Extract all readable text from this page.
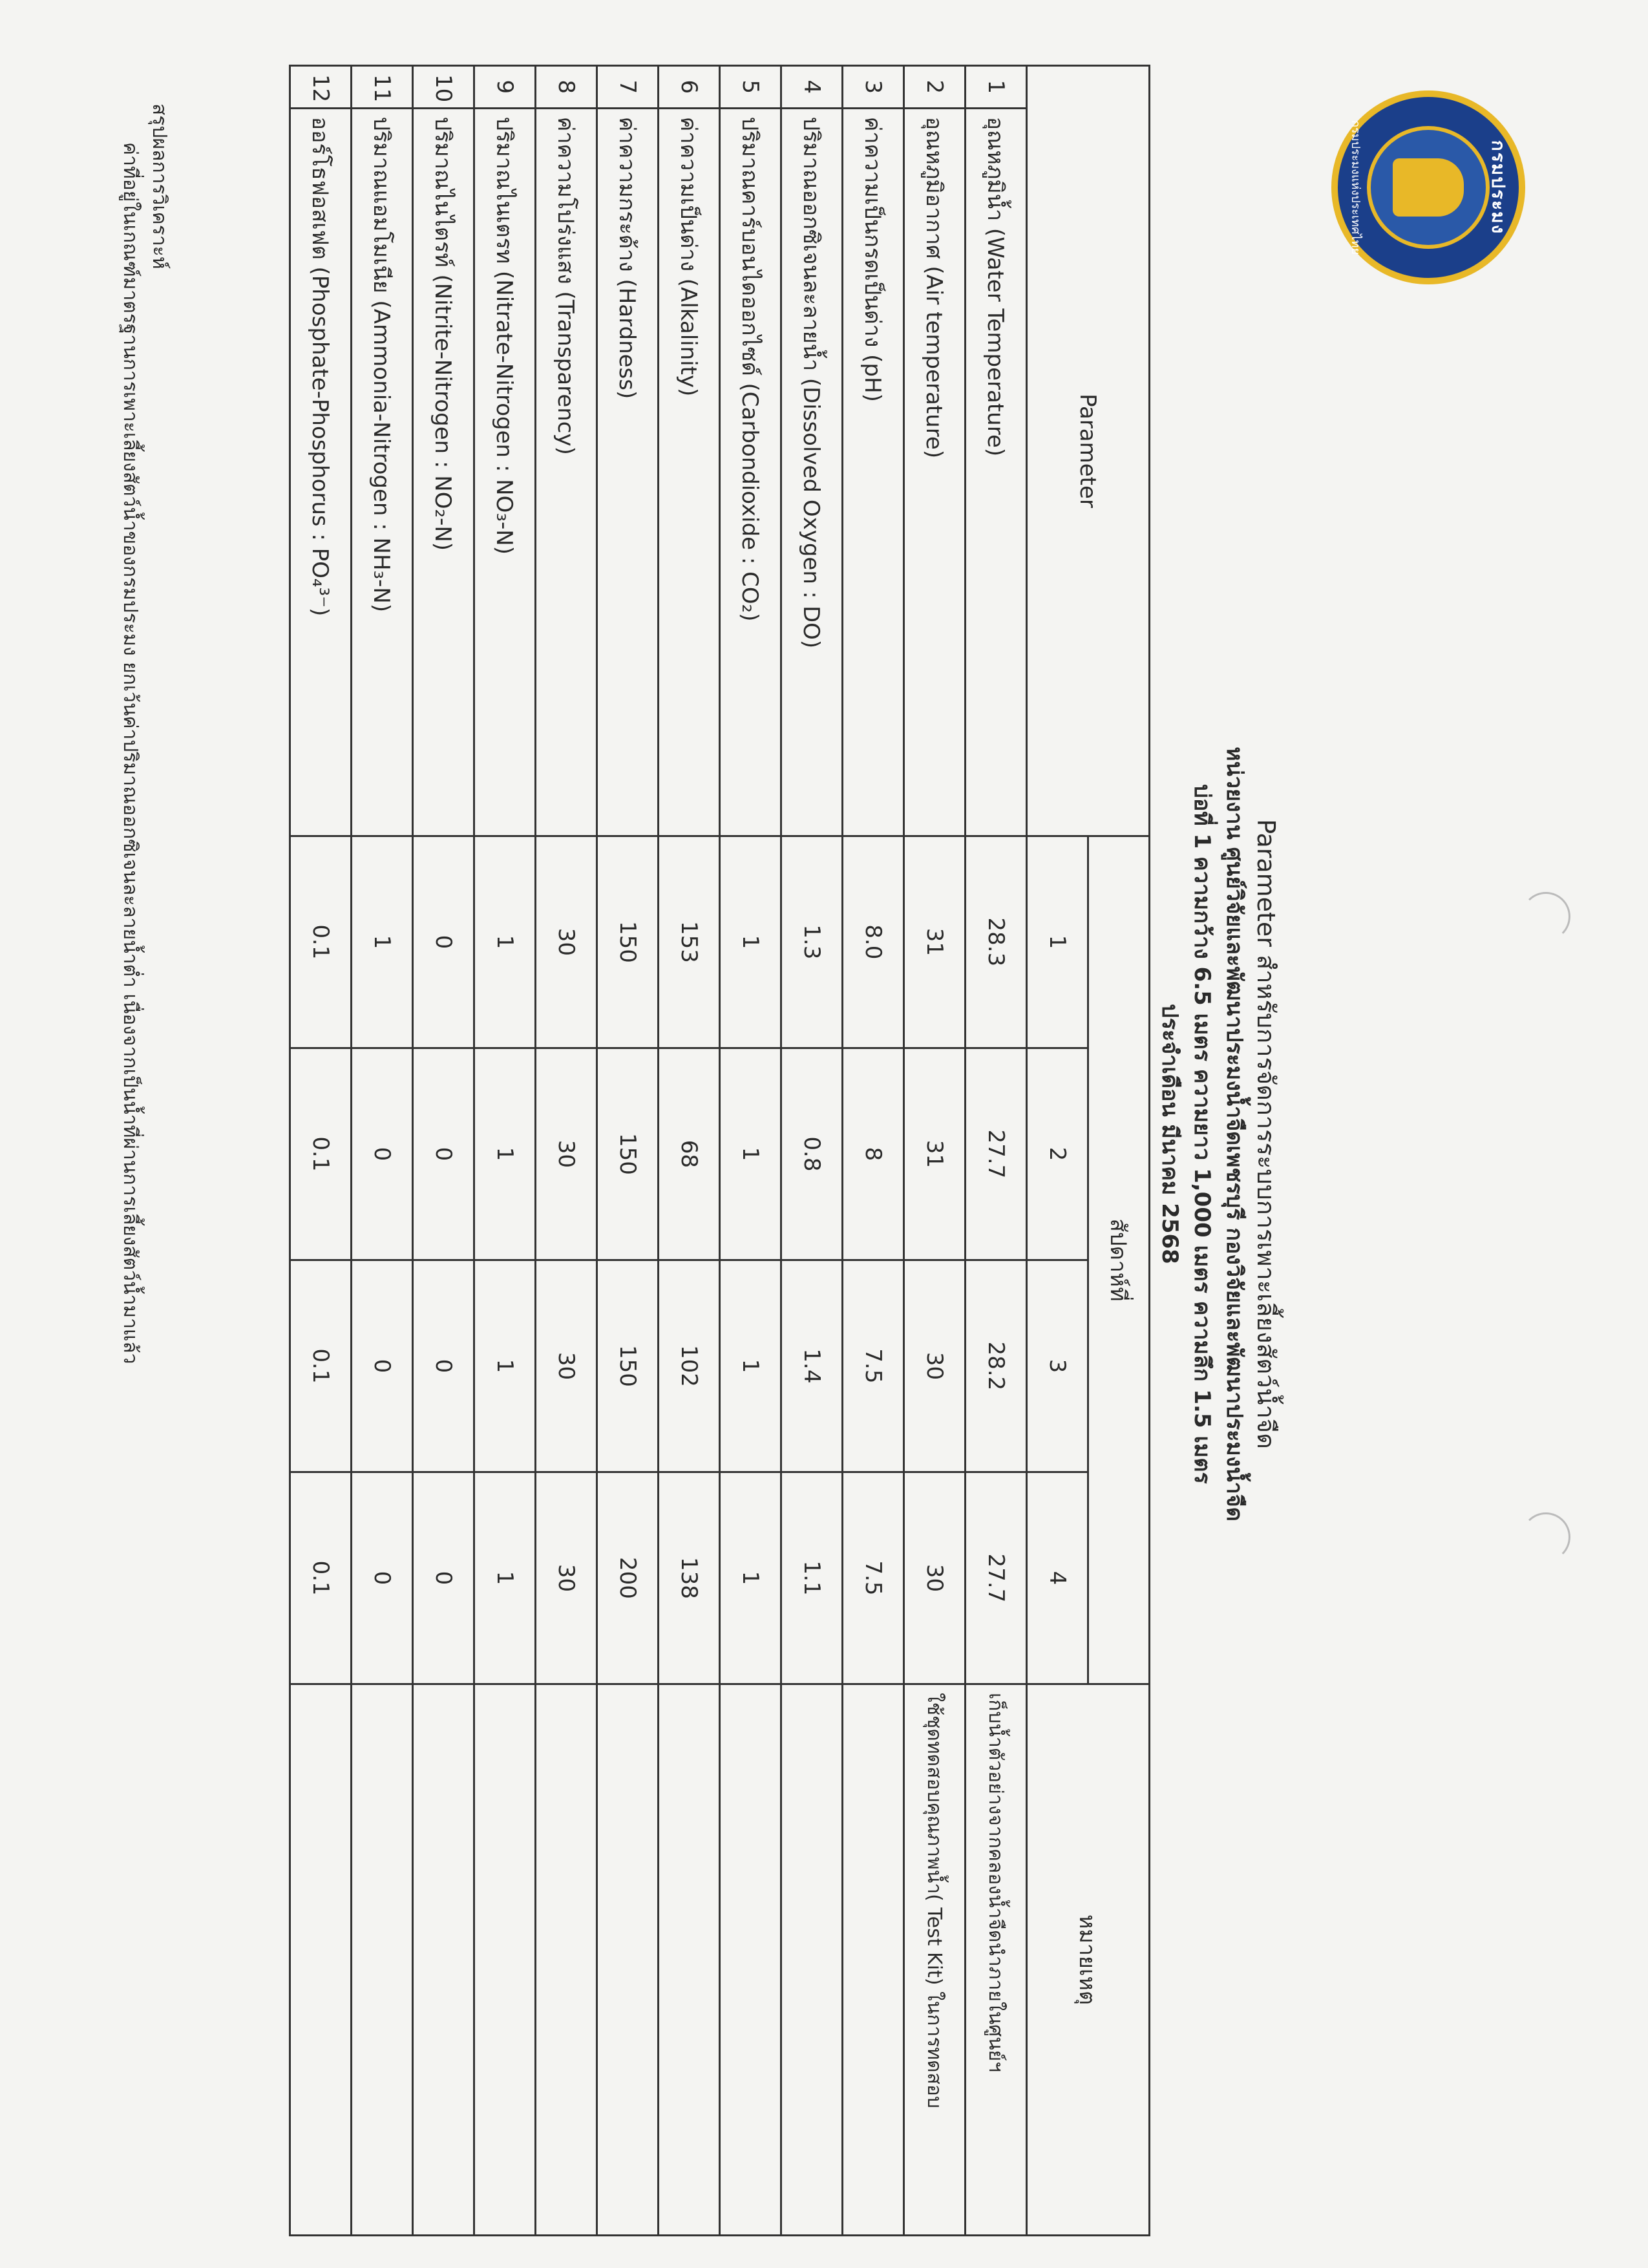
กรมประมง
กรมประมงแห่งประเทศไทย
Parameter สำหรับการจัดการระบบการเพาะเลี้ยงสัตว์น้ำจืด
หน่วยงาน ศูนย์วิจัยและพัฒนาประมงน้ำจืดเพชรบุรี กองวิจัยและพัฒนาประมงน้ำจืด
บ่อที่ 1 ความกว้าง 6.5 เมตร ความยาว 1,000 เมตร ความลึก 1.5 เมตร
ประจำเดือน มีนาคม 2568
Parameter		สัปดาห์ที่				หมายเหตุ
		1	2	3	4	
1	อุณหภูมิน้ำ (Water Temperature)	28.3	27.7	28.2	27.7	เก็บน้ำตัวอย่างจากคลองน้ำจืดนำภายในศูนย์ฯ
2	อุณหภูมิอากาศ (Air temperature)	31	31	30	30	ใช้ชุดทดสอบคุณภาพน้ำ( Test Kit) ในการทดสอบ
3	ค่าความเป็นกรดเป็นด่าง (pH)	8.0	8	7.5	7.5	
4	ปริมาณออกซิเจนละลายน้ำ (Dissolved Oxygen : DO)	1.3	0.8	1.4	1.1	
5	ปริมาณคาร์บอนไดออกไซด์ (Carbondioxide : CO₂)	1	1	1	1	
6	ค่าความเป็นด่าง (Alkalinity)	153	68	102	138	
7	ค่าความกระด้าง (Hardness)	150	150	150	200	
8	ค่าความโปร่งแสง (Transparency)	30	30	30	30	
9	ปริมาณไนเตรท (Nitrate-Nitrogen : NO₃-N)	1	1	1	1	
10	ปริมาณไนไตรท์ (Nitrite-Nitrogen : NO₂-N)	0	0	0	0	
11	ปริมาณแอมโมเนีย (Ammonia-Nitrogen : NH₃-N)	1	0	0	0	
12	ออร์โธฟอสเฟต (Phosphate-Phosphorus : PO₄³⁻)	0.1	0.1	0.1	0.1	
สรุปผลการวิเคราะห์
ค่าที่อยู่ในเกณฑ์มาตรฐานการเพาะเลี้ยงสัตว์น้ำของกรมประมง ยกเว้นค่าปริมาณออกซิเจนละลายน้ำต่ำ เนื่องจากเป็นน้ำที่ผ่านการเลี้ยงสัตว์น้ำมาแล้ว
